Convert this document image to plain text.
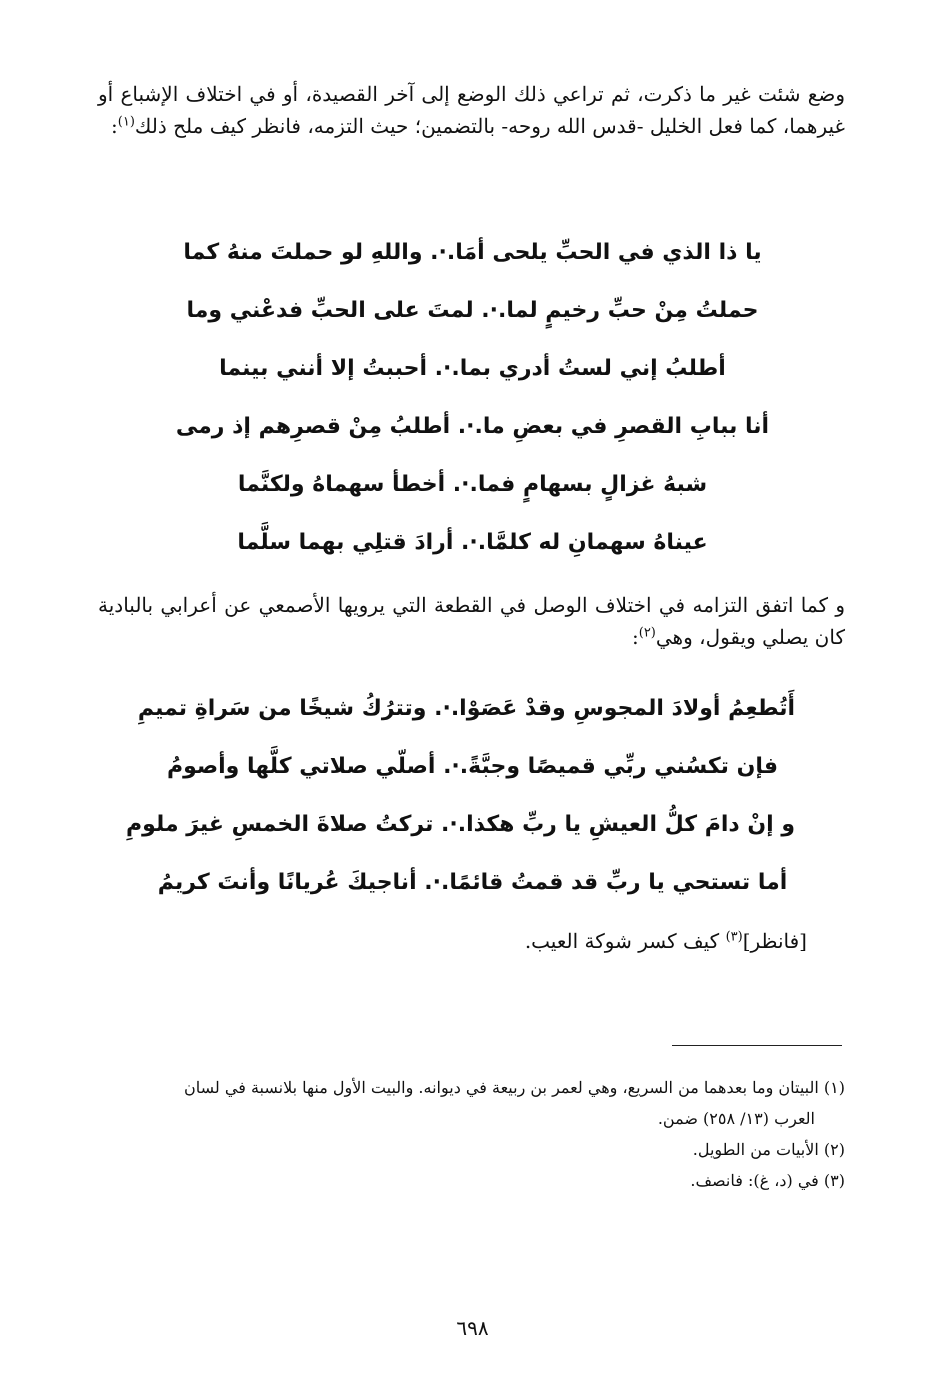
وضع شئت غير ما ذكرت، ثم تراعي ذلك الوضع إلى آخر القصيدة، أو في اختلاف الإشباع أو غيرهما، كما فعل الخليل -قدس الله روحه- بالتضمين؛ حيث التزمه، فانظر كيف ملح ذلك$^{(١)}$:

يا ذا الذي في الحبِّ يلحى أمَا.·. واللهِ لو حملتَ منهُ كما

حملتُ مِنْ حبِّ رخيمٍ لما.·. لمتَ على الحبِّ فدعْني وما

أطلبُ إني لستُ أدري بما.·. أحببتُ إلا أنني بينما

أنا ببابِ القصرِ في بعضِ ما.·. أطلبُ مِنْ قصرِهم إذ رمى

شبهُ غزالٍ بسهامٍ فما.·. أخطأ سهماهُ ولكنَّما

عيناهُ سهمانِ له كلمَّا.·. أرادَ قتلِي بهما سلَّما

و كما اتفق التزامه في اختلاف الوصل في القطعة التي يرويها الأصمعي عن أعرابي بالبادية كان يصلي ويقول، وهي$^{(٢)}$:

أَتُطعِمُ أولادَ المجوسِ وقدْ عَصَوْا.·. وتترُكُ شيخًا من سَراةِ تميمِ

فإن تكسُني ربِّي قميصًا وجبَّةً.·. أصلّي صلاتي كلَّها وأصومُ

و إنْ دامَ كلُّ العيشِ يا ربِّ هكذا.·. تركتُ صلاةَ الخمسِ غيرَ ملومِ

أما تستحي يا ربِّ قد قمتُ قائمًا.·. أناجيكَ عُريانًا وأنتَ كريمُ

[فانظر]$^{(٣)}$ كيف كسر شوكة العيب.

(١) البيتان وما بعدهما من السريع، وهي لعمر بن ربيعة في ديوانه. والبيت الأول منها بلانسبة في لسان

العرب (١٣/ ٢٥٨) ضمن.

(٢) الأبيات من الطويل.

(٣) في (د، غ): فانصف.

٦٩٨
